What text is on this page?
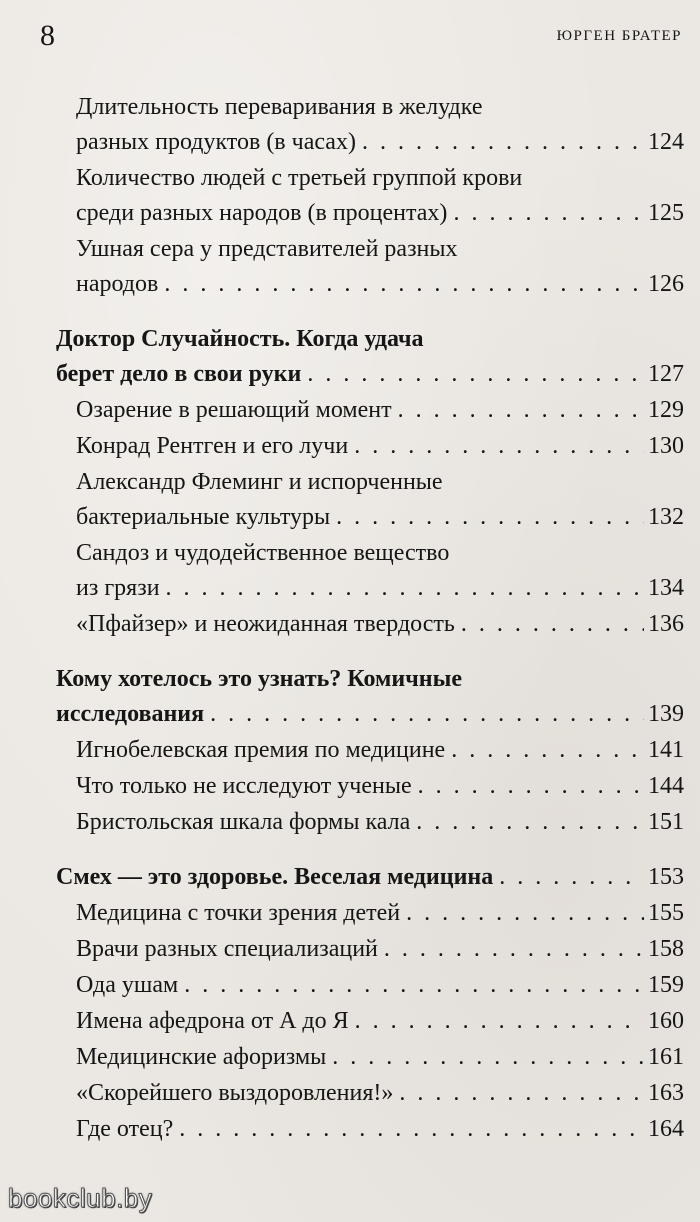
8	ЮРГЕН БРАТЕР
Длительность переваривания в желудке
разных продуктов (в часах) . . .	124
Количество людей с третьей группой крови
среди разных народов (в процентах) . . .	125
Ушная сера у представителей разных
народов . . .	126
Доктор Случайность. Когда удача
берет дело в свои руки . . .	127
Озарение в решающий момент . . .	129
Конрад Рентген и его лучи . . .	130
Александр Флеминг и испорченные
бактериальные культуры . . .	132
Сандоз и чудодейственное вещество
из грязи . . .	134
«Пфайзер» и неожиданная твердость . . .	136
Кому хотелось это узнать? Комичные
исследования . . .	139
Игнобелевская премия по медицине . . .	141
Что только не исследуют ученые . . .	144
Бристольская шкала формы кала . . .	151
Смех — это здоровье. Веселая медицина . . .	153
Медицина с точки зрения детей . . .	155
Врачи разных специализаций . . .	158
Ода ушам . . .	159
Имена афедрона от А до Я . . .	160
Медицинские афоризмы . . .	161
«Скорейшего выздоровления!» . . .	163
Где отец? . . .	164
bookclub.by
